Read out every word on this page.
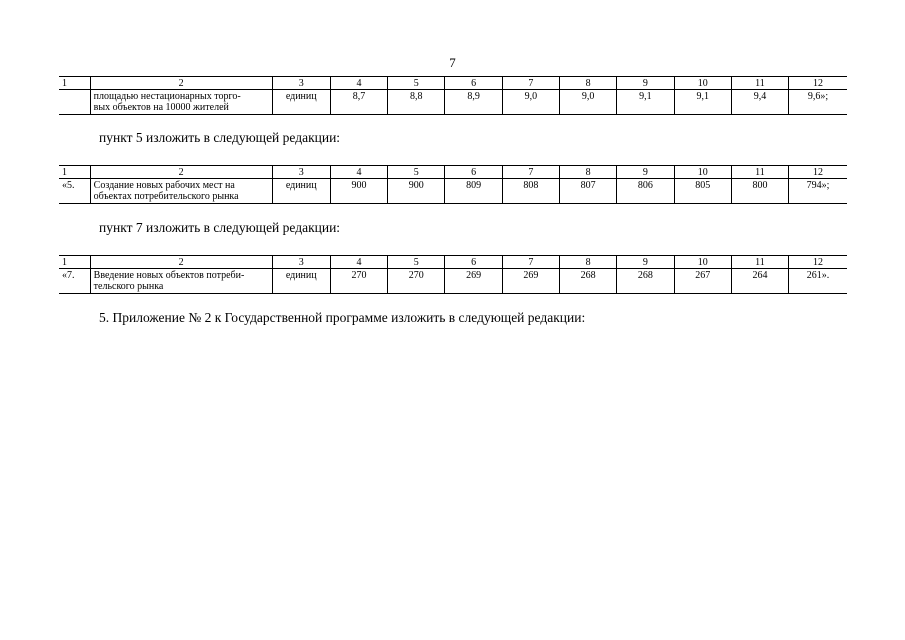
7
1	2	3	4	5	6	7	8	9	10	11	12
	площадью нестационарных торго-
вых объектов на 10000 жителей	единиц	8,7	8,8	8,9	9,0	9,0	9,1	9,1	9,4	9,6»;
пункт 5 изложить в следующей редакции:
1	2	3	4	5	6	7	8	9	10	11	12
«5.	Создание новых рабочих мест на
объектах потребительского рынка	единиц	900	900	809	808	807	806	805	800	794»;
пункт 7 изложить в следующей редакции:
1	2	3	4	5	6	7	8	9	10	11	12
«7.	Введение новых объектов потреби-
тельского рынка	единиц	270	270	269	269	268	268	267	264	261».
5. Приложение № 2 к Государственной программе изложить в следующей редакции:
